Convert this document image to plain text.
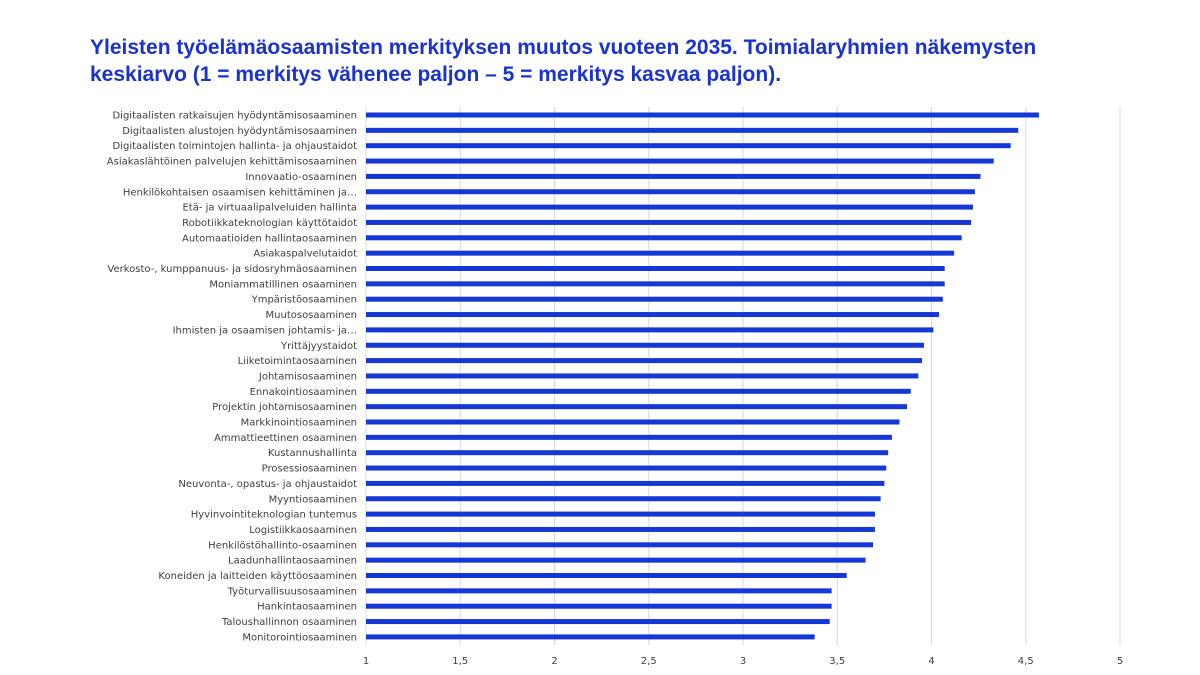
Yleisten työelämäosaamisten merkityksen muutos vuoteen 2035. Toimialaryhmien näkemysten
keskiarvo (1 = merkitys vähenee paljon – 5 = merkitys kasvaa paljon).
Digitaalisten ratkaisujen hyödyntämisosaaminen
Digitaalisten alustojen hyödyntämisosaaminen
Digitaalisten toimintojen hallinta- ja ohjaustaidot
Asiakaslähtöinen palvelujen kehittämisosaaminen
Innovaatio-osaaminen
Henkilökohtaisen osaamisen kehittäminen ja…
Etä- ja virtuaalipalveluiden hallinta
Robotiikkateknologian käyttötaidot
Automaatioiden hallintaosaaminen
Asiakaspalvelutaidot
Verkosto-, kumppanuus- ja sidosryhmäosaaminen
Moniammatillinen osaaminen
Ympäristöosaaminen
Muutososaaminen
Ihmisten ja osaamisen johtamis- ja…
Yrittäjyystaidot
Liiketoimintaosaaminen
Johtamisosaaminen
Ennakointiosaaminen
Projektin johtamisosaaminen
Markkinointiosaaminen
Ammattieettinen osaaminen
Kustannushallinta
Prosessiosaaminen
Neuvonta-, opastus- ja ohjaustaidot
Myyntiosaaminen
Hyvinvointiteknologian tuntemus
Logistiikkaosaaminen
Henkilöstöhallinto-osaaminen
Laadunhallintaosaaminen
Koneiden ja laitteiden käyttöosaaminen
Työturvallisuusosaaminen
Hankintaosaaminen
Taloushallinnon osaaminen
Monitorointiosaaminen
1	1,5	2	2,5	3	3,5	4	4,5	5
